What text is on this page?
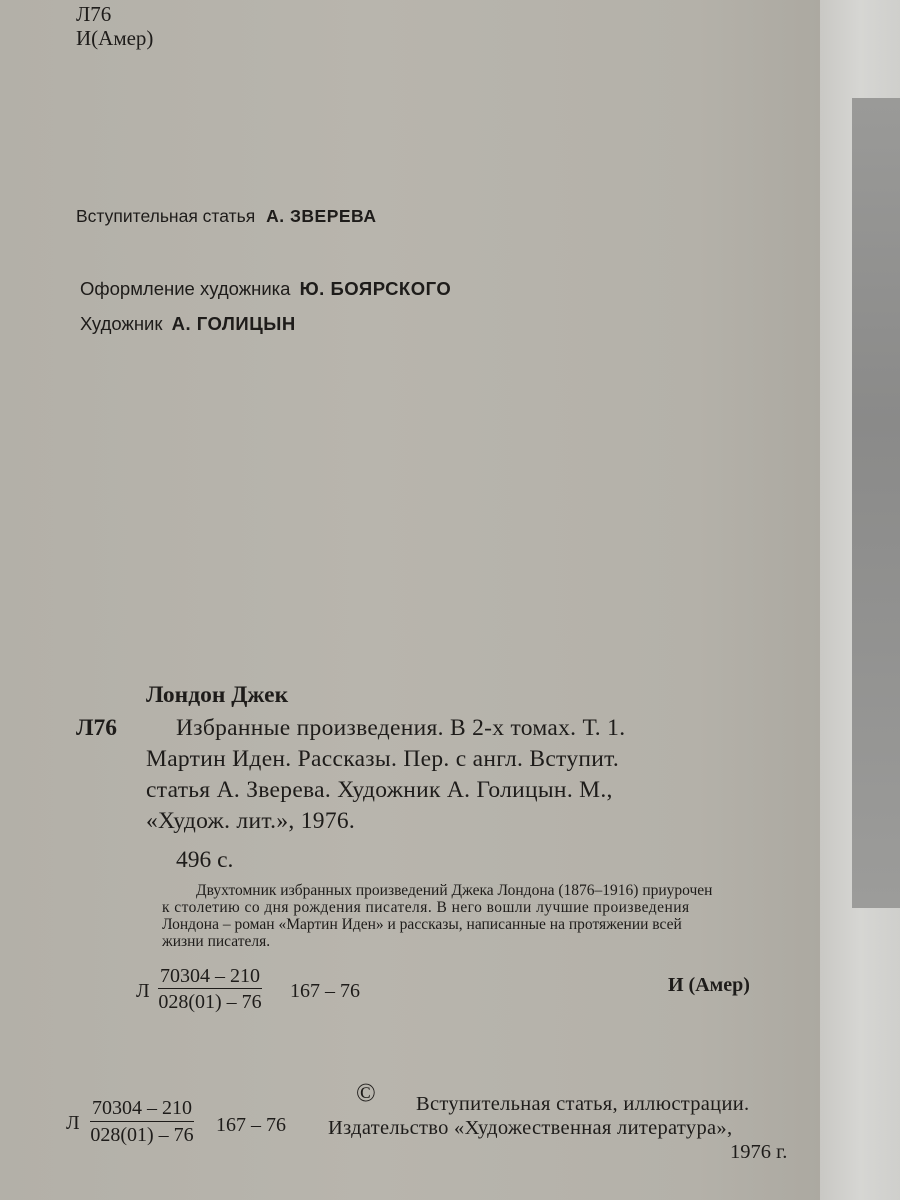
Л76
И(Амер)
Вступительная статья А. ЗВЕРЕВА
Оформление художника Ю. БОЯРСКОГО
Художник А. ГОЛИЦЫН
Лондон Джек
Л76	Избранные произведения. В 2-х томах. Т. 1.
Мартин Иден. Рассказы. Пер. с англ. Вступит.
статья А. Зверева. Художник А. Голицын. М.,
«Худож. лит.», 1976.
496 с.
Двухтомник избранных произведений Джека Лондона (1876–1916) приурочен
к столетию со дня рождения писателя. В него вошли лучшие произведения
Лондона – роман «Мартин Иден» и рассказы, написанные на протяжении всей
жизни писателя.
Л $\frac{70304 - 210}{028(01) - 76} 167 - 76$	И (Амер)
Л $\frac{70304 - 210}{028(01) - 76} 167 - 76$
© Вступительная статья, иллюстрации.
Издательство «Художественная литература»,
1976 г.
